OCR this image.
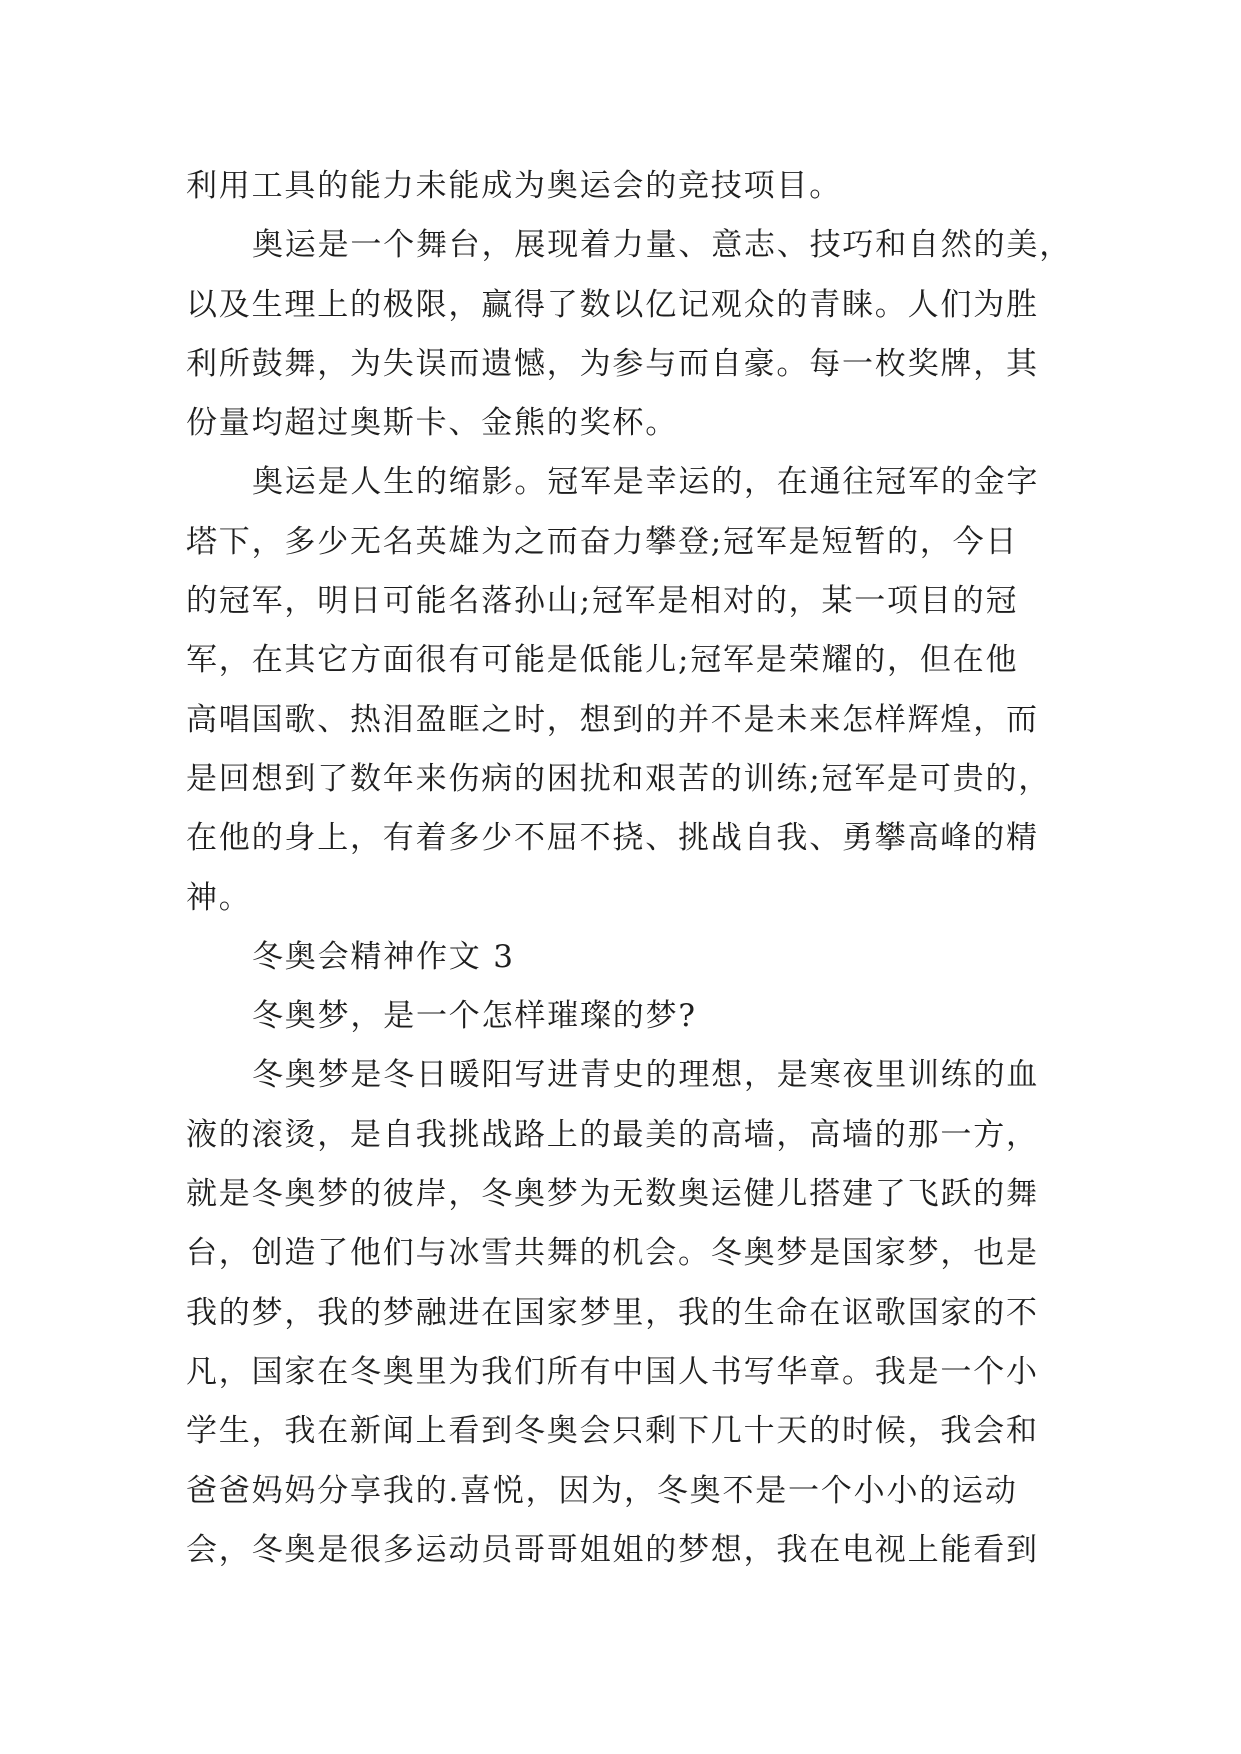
利用工具的能力未能成为奥运会的竞技项目。
奥运是一个舞台，展现着力量、意志、技巧和自然的美，
以及生理上的极限，赢得了数以亿记观众的青睐。人们为胜
利所鼓舞，为失误而遗憾，为参与而自豪。每一枚奖牌，其
份量均超过奥斯卡、金熊的奖杯。
奥运是人生的缩影。冠军是幸运的，在通往冠军的金字
塔下，多少无名英雄为之而奋力攀登;冠军是短暂的，今日
的冠军，明日可能名落孙山;冠军是相对的，某一项目的冠
军，在其它方面很有可能是低能儿;冠军是荣耀的，但在他
高唱国歌、热泪盈眶之时，想到的并不是未来怎样辉煌，而
是回想到了数年来伤病的困扰和艰苦的训练;冠军是可贵的，
在他的身上，有着多少不屈不挠、挑战自我、勇攀高峰的精
神。
冬奥会精神作文 3
冬奥梦，是一个怎样璀璨的梦?
冬奥梦是冬日暖阳写进青史的理想，是寒夜里训练的血
液的滚烫，是自我挑战路上的最美的高墙，高墙的那一方，
就是冬奥梦的彼岸，冬奥梦为无数奥运健儿搭建了飞跃的舞
台，创造了他们与冰雪共舞的机会。冬奥梦是国家梦，也是
我的梦，我的梦融进在国家梦里，我的生命在讴歌国家的不
凡，国家在冬奥里为我们所有中国人书写华章。我是一个小
学生，我在新闻上看到冬奥会只剩下几十天的时候，我会和
爸爸妈妈分享我的.喜悦，因为，冬奥不是一个小小的运动
会，冬奥是很多运动员哥哥姐姐的梦想，我在电视上能看到
